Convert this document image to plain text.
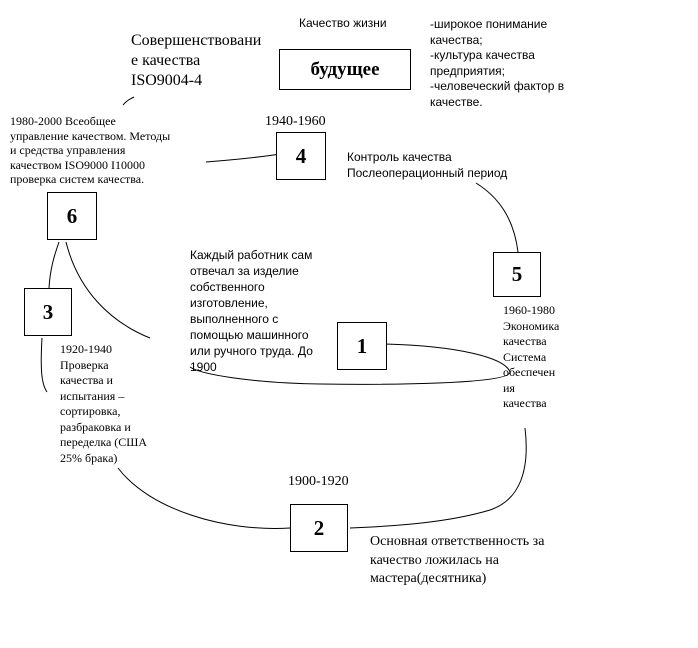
Качество жизни

будущее

Совершенствовани
е качества
ISO9004-4

-широкое понимание
качества;
-культура качества
предприятия;
-человеческий фактор в
качестве.

1940-1960

4	Контроль качества
Послеоперационный период

1980-2000 Всеобщее
управление качеством. Методы
и средства управления
качеством ISO9000 I10000
проверка систем качества.

6

Каждый работник сам
отвечал за изделие
собственного
изготовление,
выполненного с
помощью машинного
или ручного труда. До
1900

1
5

1960-1980
Экономика
качества
Система
обеспечен
ия
качества

3

1920-1940
Проверка
качества и
испытания –
сортировка,
разбраковка и
переделка (США
25% брака)

1900-1920

2

Основная ответственность за
качество ложилась на
мастера(десятника)
